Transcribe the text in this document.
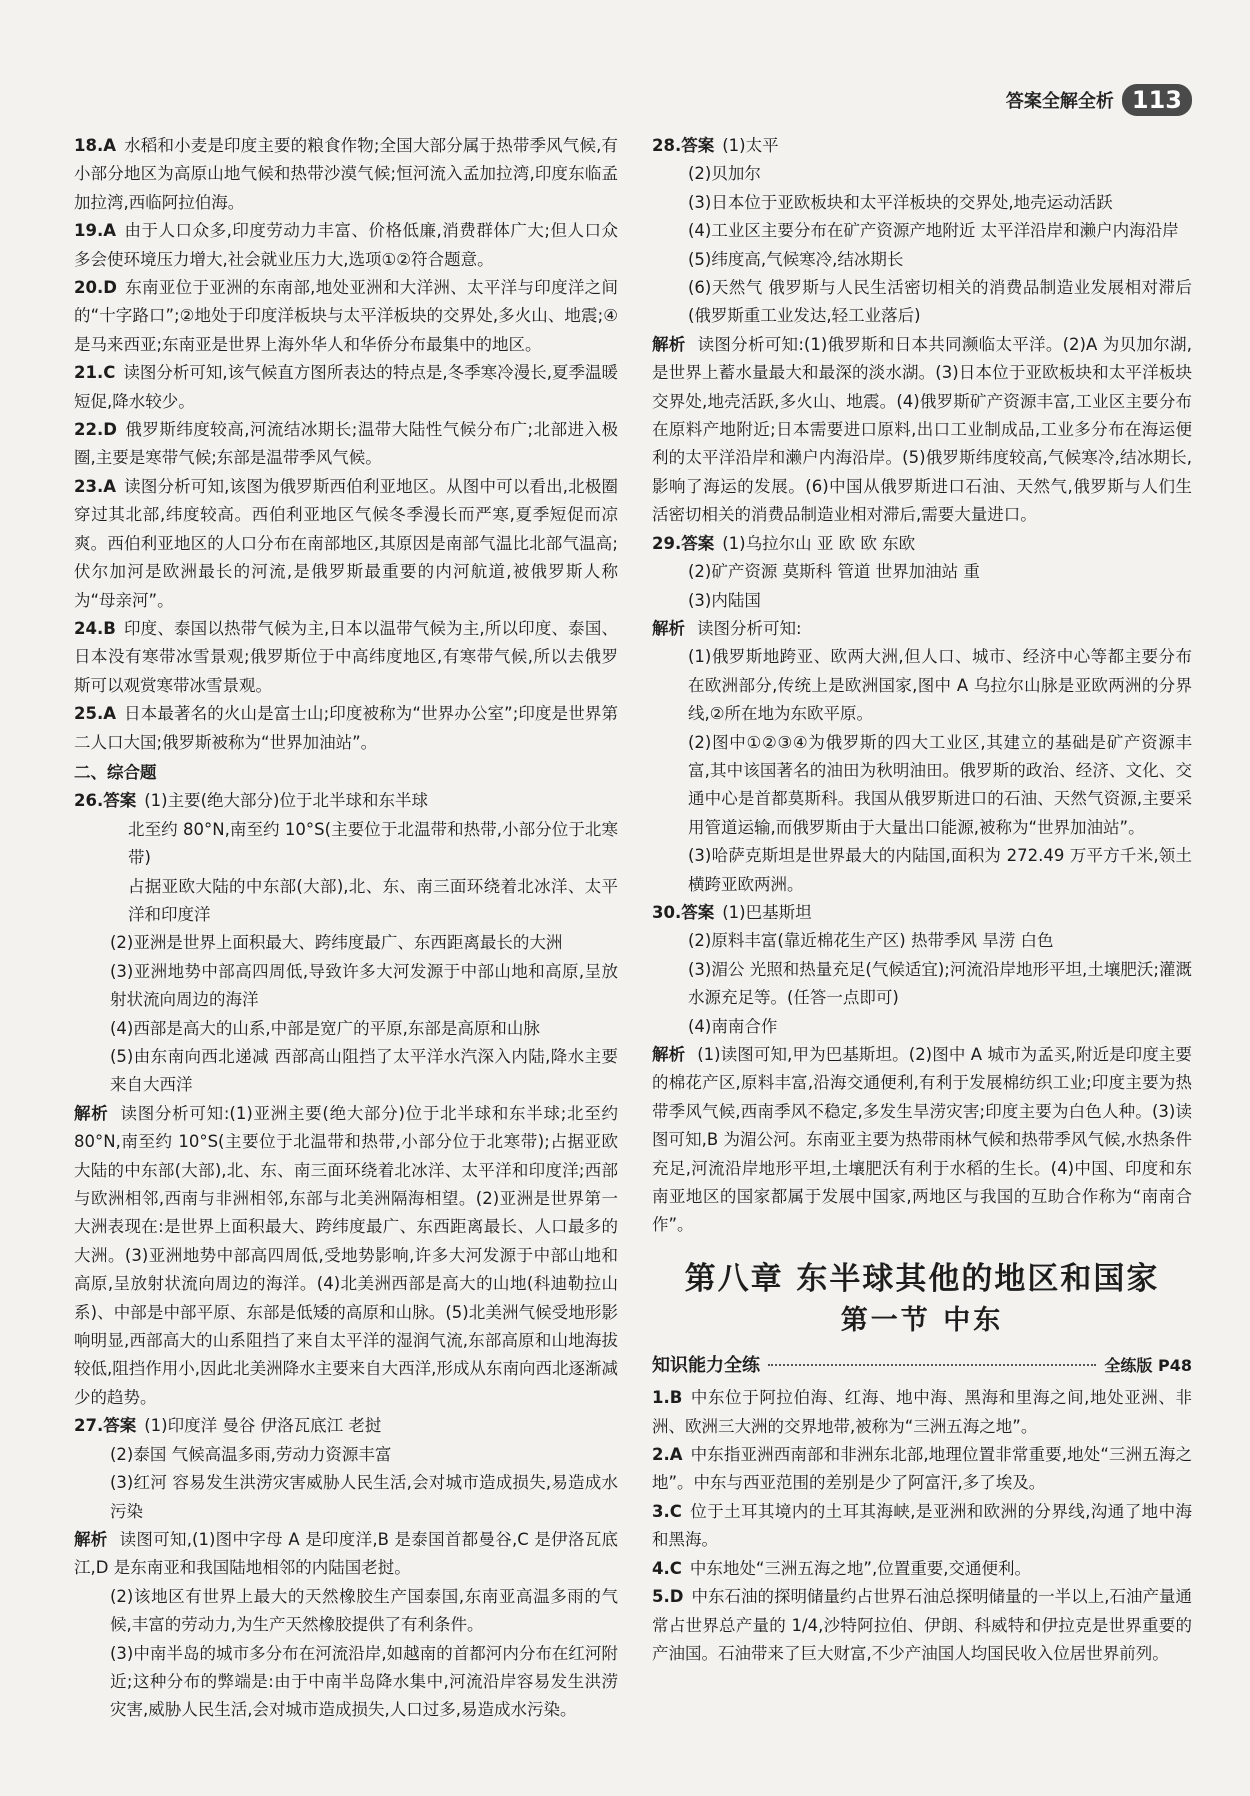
答案全解全析 113

18.A 水稻和小麦是印度主要的粮食作物;全国大部分属于热带季风气候,有小部分地区为高原山地气候和热带沙漠气候;恒河流入孟加拉湾,印度东临孟加拉湾,西临阿拉伯海。

19.A 由于人口众多,印度劳动力丰富、价格低廉,消费群体广大;但人口众多会使环境压力增大,社会就业压力大,选项①②符合题意。

20.D 东南亚位于亚洲的东南部,地处亚洲和大洋洲、太平洋与印度洋之间的“十字路口”;②地处于印度洋板块与太平洋板块的交界处,多火山、地震;④是马来西亚;东南亚是世界上海外华人和华侨分布最集中的地区。

21.C 读图分析可知,该气候直方图所表达的特点是,冬季寒冷漫长,夏季温暖短促,降水较少。

22.D 俄罗斯纬度较高,河流结冰期长;温带大陆性气候分布广;北部进入极圈,主要是寒带气候;东部是温带季风气候。

23.A 读图分析可知,该图为俄罗斯西伯利亚地区。从图中可以看出,北极圈穿过其北部,纬度较高。西伯利亚地区气候冬季漫长而严寒,夏季短促而凉爽。西伯利亚地区的人口分布在南部地区,其原因是南部气温比北部气温高;伏尔加河是欧洲最长的河流,是俄罗斯最重要的内河航道,被俄罗斯人称为“母亲河”。

24.B 印度、泰国以热带气候为主,日本以温带气候为主,所以印度、泰国、日本没有寒带冰雪景观;俄罗斯位于中高纬度地区,有寒带气候,所以去俄罗斯可以观赏寒带冰雪景观。

25.A 日本最著名的火山是富士山;印度被称为“世界办公室”;印度是世界第二人口大国;俄罗斯被称为“世界加油站”。

二、综合题

26.答案 (1)主要(绝大部分)位于北半球和东半球

北至约 80°N,南至约 10°S(主要位于北温带和热带,小部分位于北寒带)

占据亚欧大陆的中东部(大部),北、东、南三面环绕着北冰洋、太平洋和印度洋

(2)亚洲是世界上面积最大、跨纬度最广、东西距离最长的大洲

(3)亚洲地势中部高四周低,导致许多大河发源于中部山地和高原,呈放射状流向周边的海洋

(4)西部是高大的山系,中部是宽广的平原,东部是高原和山脉

(5)由东南向西北递减 西部高山阻挡了太平洋水汽深入内陆,降水主要来自大西洋

解析 读图分析可知:(1)亚洲主要(绝大部分)位于北半球和东半球;北至约 80°N,南至约 10°S(主要位于北温带和热带,小部分位于北寒带);占据亚欧大陆的中东部(大部),北、东、南三面环绕着北冰洋、太平洋和印度洋;西部与欧洲相邻,西南与非洲相邻,东部与北美洲隔海相望。(2)亚洲是世界第一大洲表现在:是世界上面积最大、跨纬度最广、东西距离最长、人口最多的大洲。(3)亚洲地势中部高四周低,受地势影响,许多大河发源于中部山地和高原,呈放射状流向周边的海洋。(4)北美洲西部是高大的山地(科迪勒拉山系)、中部是中部平原、东部是低矮的高原和山脉。(5)北美洲气候受地形影响明显,西部高大的山系阻挡了来自太平洋的湿润气流,东部高原和山地海拔较低,阻挡作用小,因此北美洲降水主要来自大西洋,形成从东南向西北逐渐减少的趋势。

27.答案 (1)印度洋 曼谷 伊洛瓦底江 老挝

(2)泰国 气候高温多雨,劳动力资源丰富

(3)红河 容易发生洪涝灾害威胁人民生活,会对城市造成损失,易造成水污染

解析 读图可知,(1)图中字母 A 是印度洋,B 是泰国首都曼谷,C 是伊洛瓦底江,D 是东南亚和我国陆地相邻的内陆国老挝。

(2)该地区有世界上最大的天然橡胶生产国泰国,东南亚高温多雨的气候,丰富的劳动力,为生产天然橡胶提供了有利条件。

(3)中南半岛的城市多分布在河流沿岸,如越南的首都河内分布在红河附近;这种分布的弊端是:由于中南半岛降水集中,河流沿岸容易发生洪涝灾害,威胁人民生活,会对城市造成损失,人口过多,易造成水污染。

28.答案 (1)太平

(2)贝加尔

(3)日本位于亚欧板块和太平洋板块的交界处,地壳运动活跃

(4)工业区主要分布在矿产资源产地附近 太平洋沿岸和濑户内海沿岸

(5)纬度高,气候寒冷,结冰期长

(6)天然气 俄罗斯与人民生活密切相关的消费品制造业发展相对滞后(俄罗斯重工业发达,轻工业落后)

解析 读图分析可知:(1)俄罗斯和日本共同濒临太平洋。(2)A 为贝加尔湖,是世界上蓄水量最大和最深的淡水湖。(3)日本位于亚欧板块和太平洋板块交界处,地壳活跃,多火山、地震。(4)俄罗斯矿产资源丰富,工业区主要分布在原料产地附近;日本需要进口原料,出口工业制成品,工业多分布在海运便利的太平洋沿岸和濑户内海沿岸。(5)俄罗斯纬度较高,气候寒冷,结冰期长,影响了海运的发展。(6)中国从俄罗斯进口石油、天然气,俄罗斯与人们生活密切相关的消费品制造业相对滞后,需要大量进口。

29.答案 (1)乌拉尔山 亚 欧 欧 东欧

(2)矿产资源 莫斯科 管道 世界加油站 重

(3)内陆国

解析 读图分析可知:

(1)俄罗斯地跨亚、欧两大洲,但人口、城市、经济中心等都主要分布在欧洲部分,传统上是欧洲国家,图中 A 乌拉尔山脉是亚欧两洲的分界线,②所在地为东欧平原。

(2)图中①②③④为俄罗斯的四大工业区,其建立的基础是矿产资源丰富,其中该国著名的油田为秋明油田。俄罗斯的政治、经济、文化、交通中心是首都莫斯科。我国从俄罗斯进口的石油、天然气资源,主要采用管道运输,而俄罗斯由于大量出口能源,被称为“世界加油站”。

(3)哈萨克斯坦是世界最大的内陆国,面积为 272.49 万平方千米,领土横跨亚欧两洲。

30.答案 (1)巴基斯坦

(2)原料丰富(靠近棉花生产区) 热带季风 旱涝 白色

(3)湄公 光照和热量充足(气候适宜);河流沿岸地形平坦,土壤肥沃;灌溉水源充足等。(任答一点即可)

(4)南南合作

解析 (1)读图可知,甲为巴基斯坦。(2)图中 A 城市为孟买,附近是印度主要的棉花产区,原料丰富,沿海交通便利,有利于发展棉纺织工业;印度主要为热带季风气候,西南季风不稳定,多发生旱涝灾害;印度主要为白色人种。(3)读图可知,B 为湄公河。东南亚主要为热带雨林气候和热带季风气候,水热条件充足,河流沿岸地形平坦,土壤肥沃有利于水稻的生长。(4)中国、印度和东南亚地区的国家都属于发展中国家,两地区与我国的互助合作称为“南南合作”。

第八章 东半球其他的地区和国家
第一节 中东
知识能力全练	全练版 P48

1.B 中东位于阿拉伯海、红海、地中海、黑海和里海之间,地处亚洲、非洲、欧洲三大洲的交界地带,被称为“三洲五海之地”。

2.A 中东指亚洲西南部和非洲东北部,地理位置非常重要,地处“三洲五海之地”。中东与西亚范围的差别是少了阿富汗,多了埃及。

3.C 位于土耳其境内的土耳其海峡,是亚洲和欧洲的分界线,沟通了地中海和黑海。

4.C 中东地处“三洲五海之地”,位置重要,交通便利。

5.D 中东石油的探明储量约占世界石油总探明储量的一半以上,石油产量通常占世界总产量的 1/4,沙特阿拉伯、伊朗、科威特和伊拉克是世界重要的产油国。石油带来了巨大财富,不少产油国人均国民收入位居世界前列。
